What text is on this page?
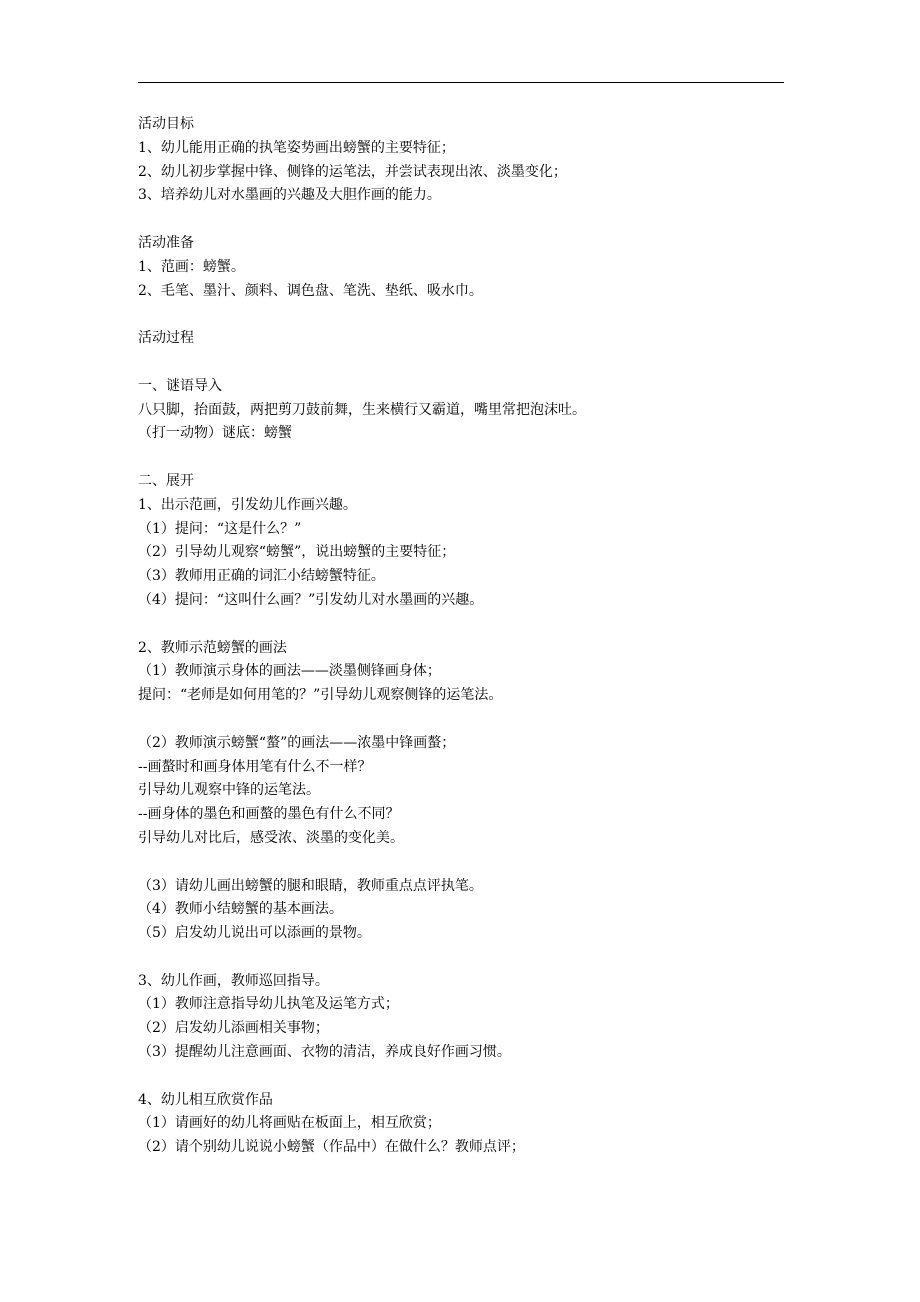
活动目标
1、幼儿能用正确的执笔姿势画出螃蟹的主要特征；
2、幼儿初步掌握中锋、侧锋的运笔法，并尝试表现出浓、淡墨变化；
3、培养幼儿对水墨画的兴趣及大胆作画的能力。
活动准备
1、范画：螃蟹。
2、毛笔、墨汁、颜料、调色盘、笔洗、垫纸、吸水巾。
活动过程
一、谜语导入
八只脚，抬面鼓，两把剪刀鼓前舞，生来横行又霸道，嘴里常把泡沫吐。
（打一动物）谜底：螃蟹
二、展开
1、出示范画，引发幼儿作画兴趣。
（1）提问：“这是什么？”
（2）引导幼儿观察“螃蟹”，说出螃蟹的主要特征；
（3）教师用正确的词汇小结螃蟹特征。
（4）提问：“这叫什么画？”引发幼儿对水墨画的兴趣。
2、教师示范螃蟹的画法
（1）教师演示身体的画法——淡墨侧锋画身体；
提问：“老师是如何用笔的？”引导幼儿观察侧锋的运笔法。
（2）教师演示螃蟹“螯”的画法——浓墨中锋画螯；
--画螯时和画身体用笔有什么不一样？
引导幼儿观察中锋的运笔法。
--画身体的墨色和画螯的墨色有什么不同？
引导幼儿对比后，感受浓、淡墨的变化美。
（3）请幼儿画出螃蟹的腿和眼睛，教师重点点评执笔。
（4）教师小结螃蟹的基本画法。
（5）启发幼儿说出可以添画的景物。
3、幼儿作画，教师巡回指导。
（1）教师注意指导幼儿执笔及运笔方式；
（2）启发幼儿添画相关事物；
（3）提醒幼儿注意画面、衣物的清洁，养成良好作画习惯。
4、幼儿相互欣赏作品
（1）请画好的幼儿将画贴在板面上，相互欣赏；
（2）请个别幼儿说说小螃蟹（作品中）在做什么？教师点评；
